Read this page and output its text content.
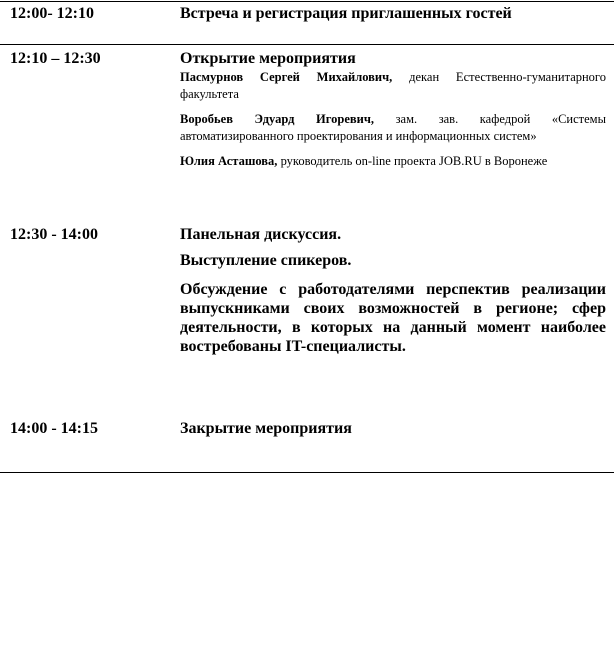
12:00- 12:10	Встреча и регистрация приглашенных гостей
12:10 – 12:30	Открытие мероприятия

Пасмурнов Сергей Михайлович, декан Естественно-гуманитарного факультета

Воробьев Эдуард Игоревич, зам. зав. кафедрой «Системы автоматизированного проектирования и информационных систем»

Юлия Асташова, руководитель on-line проекта JOB.RU в Воронеже

12:30 - 14:00	Панельная дискуссия.
Выступление спикеров.

Обсуждение с работодателями перспектив реализации выпускниками своих возможностей в регионе; сфер деятельности, в которых на данный момент наиболее востребованы IT-специалисты.

14:00 - 14:15	Закрытие мероприятия
